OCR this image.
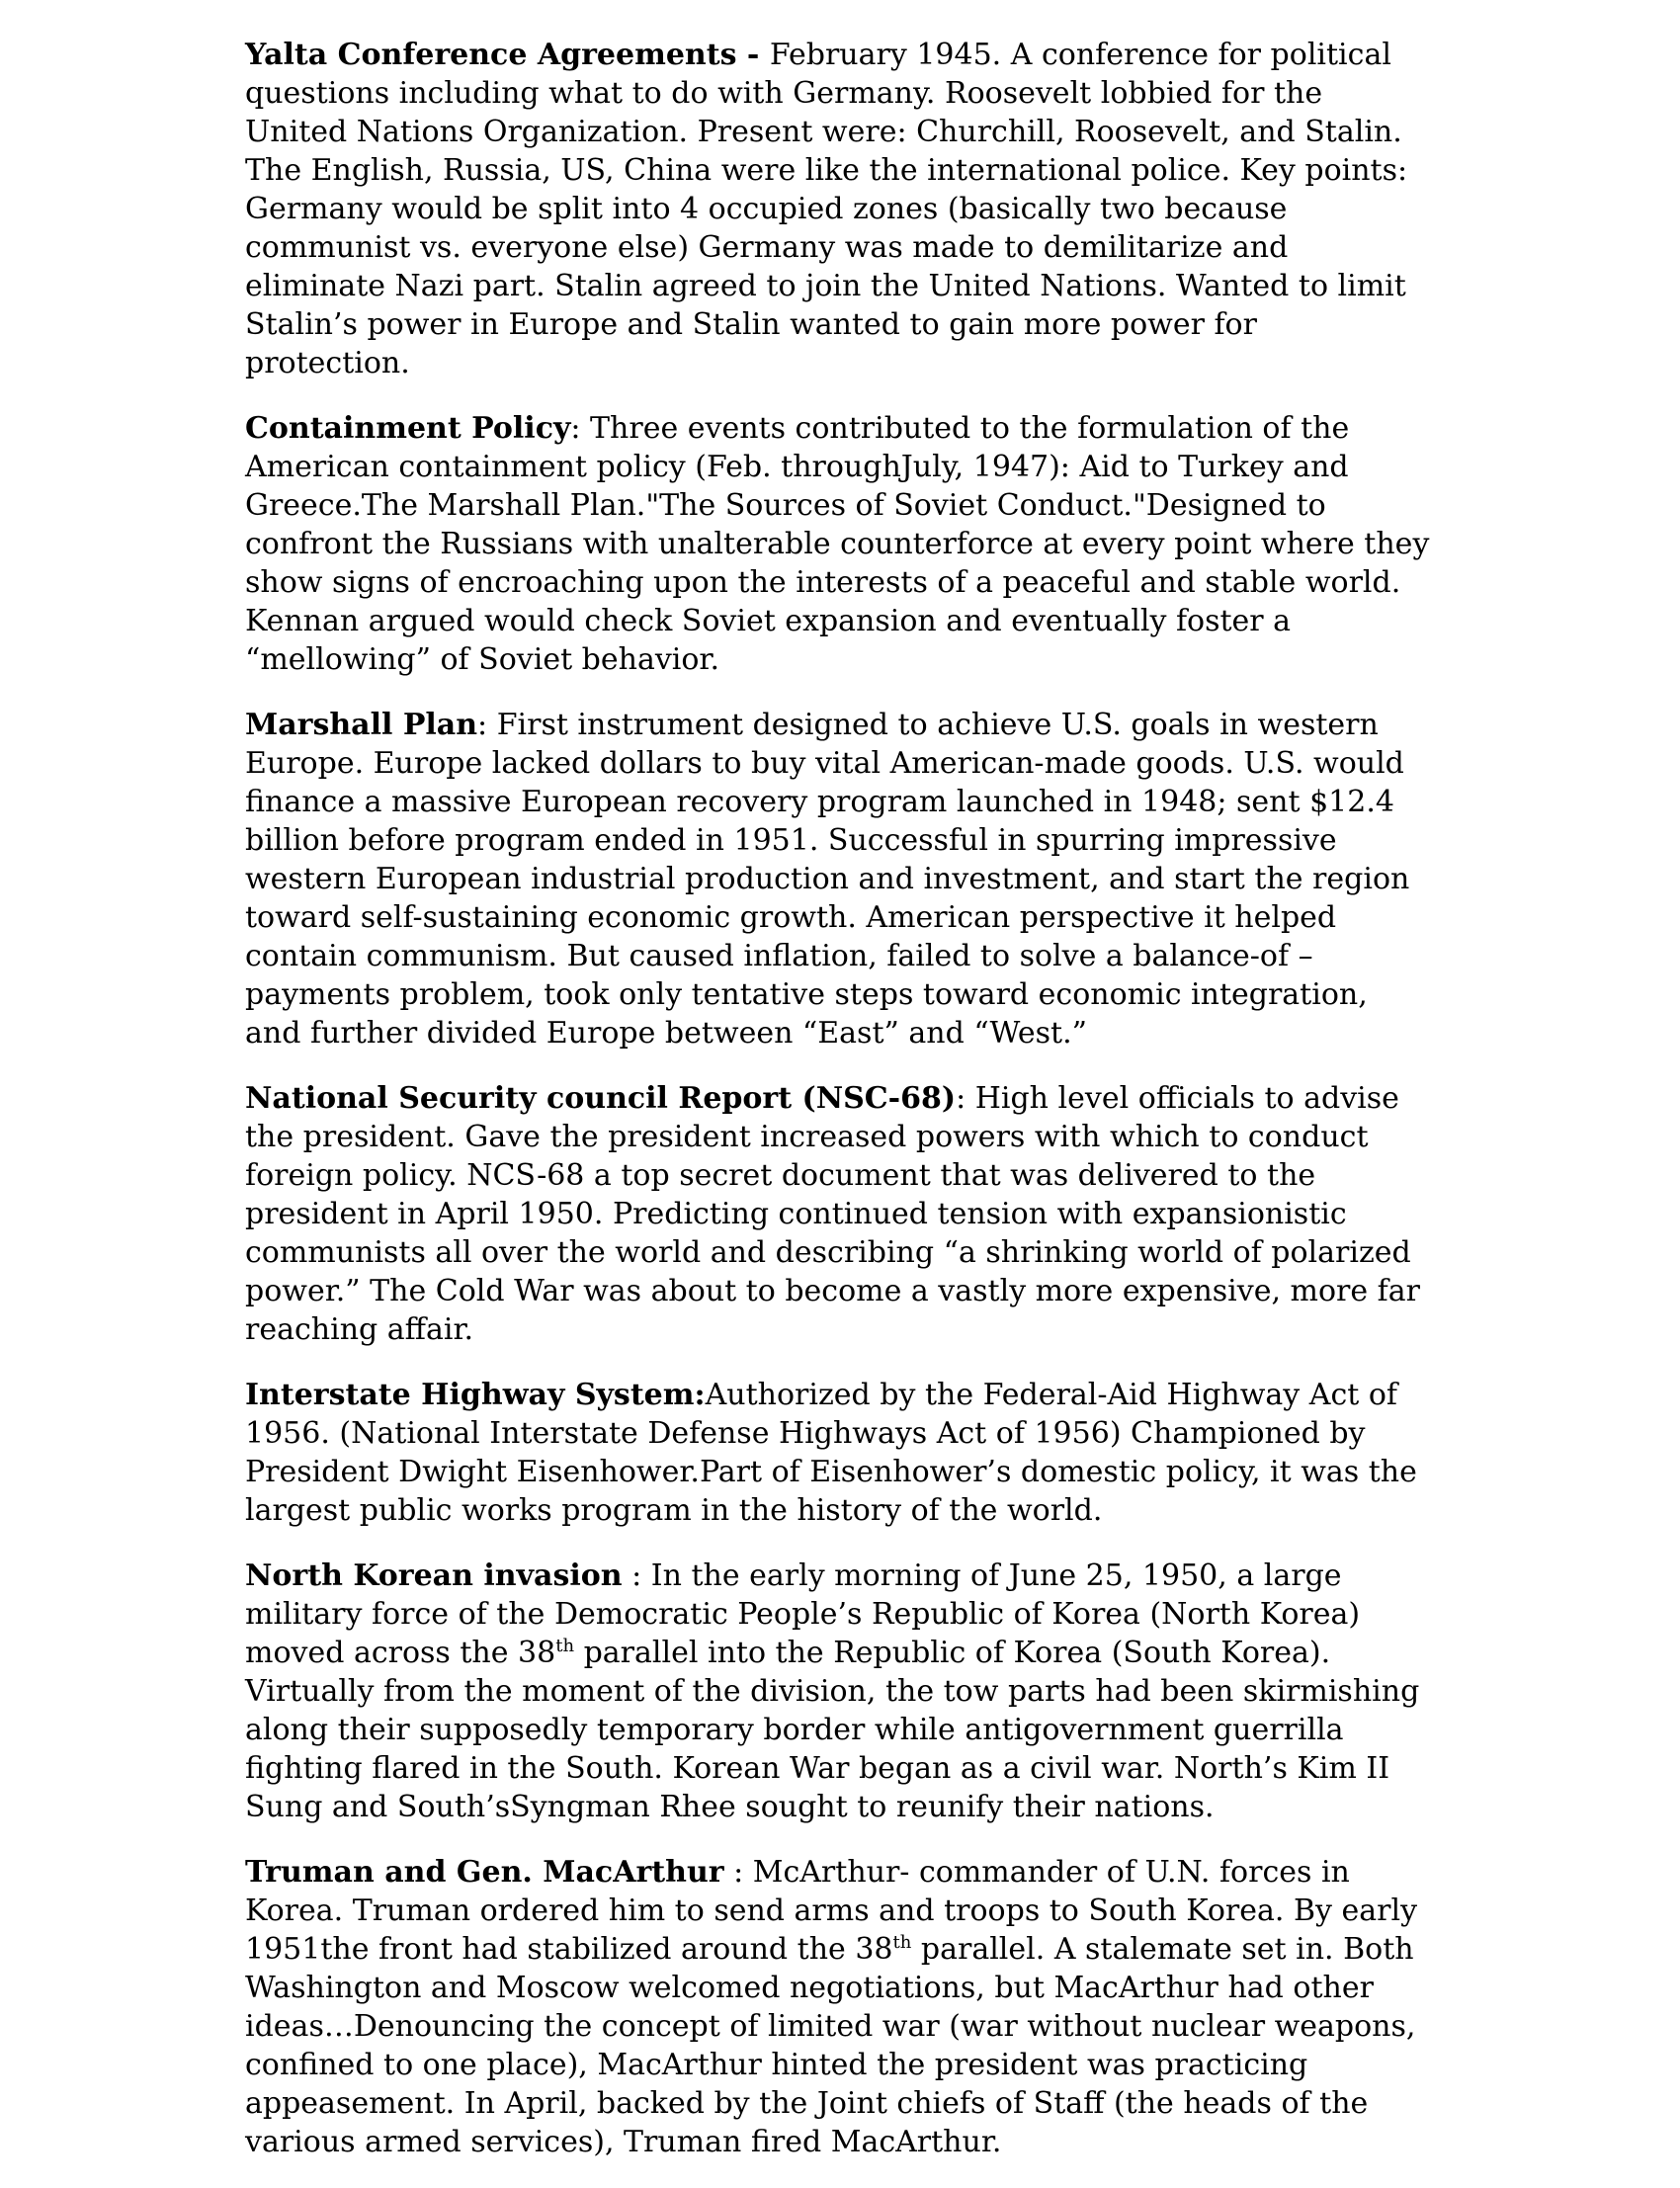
Yalta Conference Agreements - February 1945. A conference for political questions including what to do with Germany. Roosevelt lobbied for the United Nations Organization. Present were: Churchill, Roosevelt, and Stalin. The English, Russia, US, China were like the international police. Key points: Germany would be split into 4 occupied zones (basically two because communist vs. everyone else) Germany was made to demilitarize and eliminate Nazi part. Stalin agreed to join the United Nations. Wanted to limit Stalin’s power in Europe and Stalin wanted to gain more power for protection.

Containment Policy: Three events contributed to the formulation of the American containment policy (Feb. throughJuly, 1947): Aid to Turkey and Greece.The Marshall Plan."The Sources of Soviet Conduct."Designed to confront the Russians with unalterable counterforce at every point where they show signs of encroaching upon the interests of a peaceful and stable world. Kennan argued would check Soviet expansion and eventually foster a “mellowing” of Soviet behavior.

Marshall Plan: First instrument designed to achieve U.S. goals in western Europe. Europe lacked dollars to buy vital American-made goods. U.S. would finance a massive European recovery program launched in 1948; sent $12.4 billion before program ended in 1951. Successful in spurring impressive western European industrial production and investment, and start the region toward self-sustaining economic growth. American perspective it helped contain communism. But caused inflation, failed to solve a balance-of –payments problem, took only tentative steps toward economic integration, and further divided Europe between “East” and “West.”

National Security council Report (NSC-68): High level officials to advise the president. Gave the president increased powers with which to conduct foreign policy. NCS-68 a top secret document that was delivered to the president in April 1950. Predicting continued tension with expansionistic communists all over the world and describing “a shrinking world of polarized power.” The Cold War was about to become a vastly more expensive, more far reaching affair.

Interstate Highway System:Authorized by the Federal-Aid Highway Act of 1956. (National Interstate Defense Highways Act of 1956) Championed by President Dwight Eisenhower.Part of Eisenhower’s domestic policy, it was the largest public works program in the history of the world.

North Korean invasion : In the early morning of June 25, 1950, a large military force of the Democratic People’s Republic of Korea (North Korea) moved across the 38th parallel into the Republic of Korea (South Korea). Virtually from the moment of the division, the tow parts had been skirmishing along their supposedly temporary border while antigovernment guerrilla fighting flared in the South. Korean War began as a civil war. North’s Kim II Sung and South’sSyngman Rhee sought to reunify their nations.

Truman and Gen. MacArthur : McArthur- commander of U.N. forces in Korea. Truman ordered him to send arms and troops to South Korea. By early 1951the front had stabilized around the 38th parallel. A stalemate set in. Both Washington and Moscow welcomed negotiations, but MacArthur had other ideas…Denouncing the concept of limited war (war without nuclear weapons, confined to one place), MacArthur hinted the president was practicing appeasement. In April, backed by the Joint chiefs of Staff (the heads of the various armed services), Truman fired MacArthur.
